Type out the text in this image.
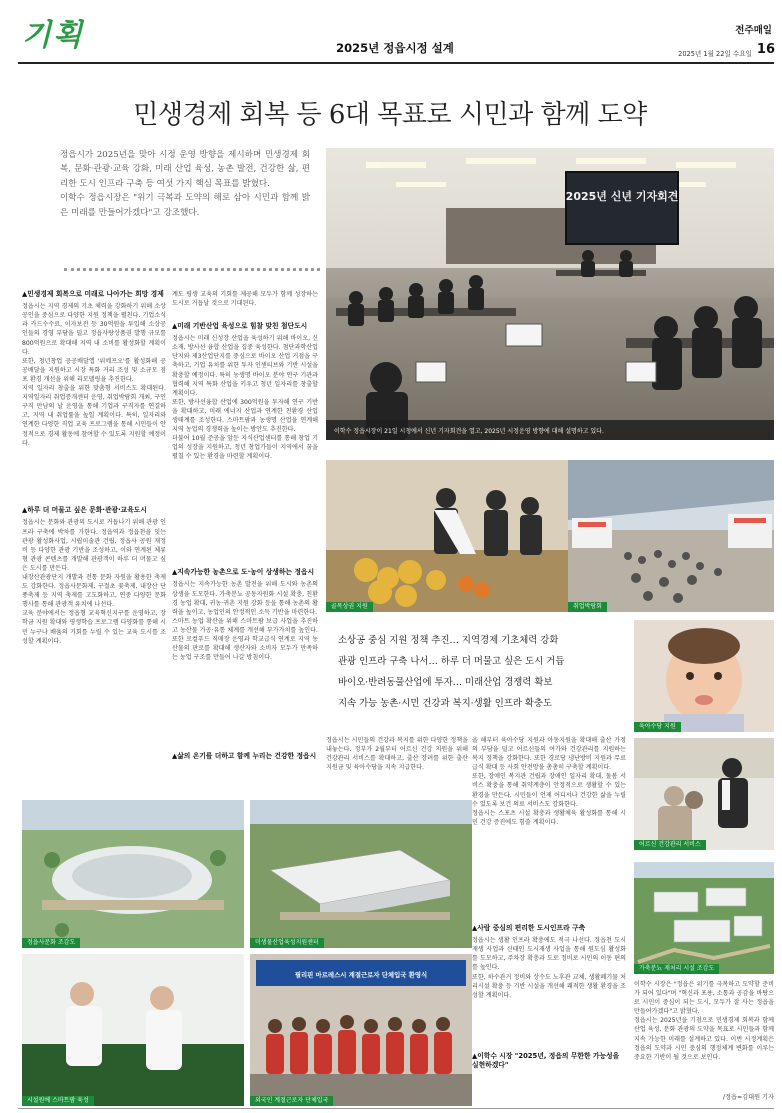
기획	2025년 정읍시정 설계
전주매일
2025년 1월 22일 수요일 16
민생경제 회복 등 6대 목표로 시민과 함께 도약
정읍시가 2025년을 맞아 시정 운영 방향을 제시하며 민생경제 회복, 문화·관광·교육 강화, 미래 산업 육성, 농촌 발전, 건강한 삶, 편리한 도시 인프라 구축 등 여섯 가지 핵심 목표를 밝혔다.
이학수 정읍시장은 "위기 극복과 도약의 해로 삼아 시민과 함께 밝은 미래를 만들어가겠다"고 강조했다.
2025년 신년 기자회견
이학수 정읍시장이 21일 시청에서 신년 기자회견을 열고, 2025년 시정운영 방향에 대해 설명하고 있다.
▲ 민생경제 회복으로 미래로 나아가는 희망 경제
정읍시는 지역 경제의 기초 체력을 강화하기 위해 소상공인을 중심으로 다양한 지원 정책을 펼친다. 기업소식과 카드수수료, 이자보전 등 30억원을 투입해 소상공인들의 경영 부담을 덜고 정읍사랑상품권 발행 규모를 800억원으로 확대해 지역 내 소비를 활성화할 계획이다.
또한, 청년창업 공공배달앱 '위메프오'를 활성화해 공공배달을 지원하고 시장 특화 거리 조성 및 소규모 점포 환경 개선을 위해 리모델링을 추진한다.
지역 일자리 창출을 위한 맞춤형 서비스도 확대된다. 지역일자리 취업증개센터 운영, 취업박람회 개최, 구인구직 만남의 날 운영을 통해 기업과 구직자를 연결하고, 지역 내 취업률을 높일 계획이다. 특히, 일자리와 연계한 다양한 직업 교육 프로그램을 통해 시민들이 안정적으로 경제 활동에 참여할 수 있도록 지원할 예정이다.
▲ 하루 더 머물고 싶은 문화·관광·교육도시
정읍시는 문화와 관광의 도시로 거듭나기 위해 관광 인프라 구축에 박차를 가한다. 정읍역과 정읍천을 잇는 관광 활성화사업, 시립미술관 건립, 정읍사 공원 재정비 등 다양한 관광 기반을 조성하고, 이와 연계된 체류형 관광 콘텐츠를 개발해 관광객이 하루 더 머물고 싶은 도시를 만든다.
내장산관광단지 개발과 전통 문화 자원을 활용한 축제도 강화한다. 정읍사문화제, 구절초 꽃축제, 내장산 단풍축제 등 지역 축제를 고도화하고, 연중 다양한 문화 행사를 통해 관광객 유치에 나선다.
교육 분야에서는 정읍형 교육혁신지구를 운영하고, 장학금 지원 확대와 평생학습 프로그램 다양화를 통해 시민 누구나 배움의 기회를 누릴 수 있는 교육 도시를 조성할 계획이다.
계도 평생 교육의 기회를 제공해 모두가 함께 성장하는 도시로 거듭날 것으로 기대된다.
▲ 미래 기반산업 육성으로 힘찰 맞친 첨단도시
정읍시는 미래 신성장 산업을 육성하기 위해 바이오, 신소재, 방사선 융합 산업을 집중 육성한다. 첨단과학산업단지와 제3산업단지를 중심으로 바이오 산업 거점을 구축하고, 기업 유치를 위한 투자 인센티브와 기반 시설을 확충할 예정이다. 특히 농생명 바이오 분야 연구 기관과 협력해 지역 특화 산업을 키우고 청년 일자리를 창출할 계획이다.
또한, 방사선융합 산업에 300억원을 투자해 연구 기반을 확대하고, 미래 에너지 산업과 연계한 친환경 산업 생태계를 조성한다. 스마트팜과 농생명 산업을 연계해 지역 농업의 경쟁력을 높이는 방안도 추진한다.
더불어 10월 준공을 앞둔 지식산업센터를 통해 창업 기업의 성장을 지원하고, 청년 창업가들이 지역에서 꿈을 펼칠 수 있는 환경을 마련할 계획이다.
▲ 지속가능한 농촌으로 도·농이 상생하는 정읍시
정읍시는 지속가능한 농촌 발전을 위해 도시와 농촌의 상생을 도모한다. 가축분뇨 공동자원화 시설 확충, 친환경 농업 확대, 귀농·귀촌 지원 강화 등을 통해 농촌의 활력을 높이고, 농업인의 안정적인 소득 기반을 마련한다.
스마트 농업 확산을 위해 스마트팜 보급 사업을 추진하고 농산물 가공·유통 체계를 개선해 부가가치를 높인다. 또한 로컬푸드 직매장 운영과 학교급식 연계로 지역 농산물의 판로를 확대해 생산자와 소비자 모두가 만족하는 농업 구조를 만들어 나갈 방침이다.
▲ 삶의 온기를 더하고 함께 누리는 건강한 정읍시
골목상권 지원	취업박람회
소상공 중심 지원 정책 추진… 지역경제 기초체력 강화
관광 인프라 구축 나서… 하루 더 머물고 싶은 도시 거듭
바이오·반려동물산업에 투자… 미래산업 경쟁력 확보
지속 가능 농촌·시민 건강과 복지·생활 인프라 확충도
육아수당 지원
어르신 건강관리 서비스
가축분뇨 재처리 시설 조감도
정읍시는 시민들의 건강과 복지를 위한 다양한 정책을 내놓는다. 정부가 2월부터 어르신 건강 지원을 위해 건강관리 서비스를 확대하고, 출산 장려를 위한 출산 지원금 및 육아수당을 지속 지급한다.
올 해부터 육아수당 지원과 아동지원을 확대해 출산 가정의 부담을 덜고 어르신들의 여가와 건강관리를 지원하는 복지 정책을 강화한다. 또한 경로당 냉난방비 지원과 무료 급식 확대 등 사회 안전망을 촘촘히 구축할 계획이다.
또한, 장애인 복지관 건립과 장애인 일자리 확대, 돌봄 서비스 확충을 통해 취약계층이 안정적으로 생활할 수 있는 환경을 만든다. 시민들이 언제 어디서나 건강한 삶을 누릴 수 있도록 보건 의료 서비스도 강화한다.
정읍시는 스포츠 시설 확충과 생활체육 활성화를 통해 시민 건강 증진에도 힘쓸 계획이다.
▲ 사람 중심의 편리한 도시인프라 구축
정읍시는 생활 인프라 확충에도 적극 나선다. 정읍천 도시재생 사업과 신태인 도시재생 사업을 통해 원도심 활성화를 도모하고, 주차장 확충과 도로 정비로 시민의 이동 편의를 높인다.
또한, 하수관거 정비와 상수도 노후관 교체, 생활폐기물 처리시설 확충 등 기반 시설을 개선해 쾌적한 생활 환경을 조성할 계획이다.
▲ 이학수 시장 "2025년, 정읍의 무한한 가능성을 실현하겠다"
이학수 시장은 "정읍은 위기를 극복하고 도약할 준비가 되어 있다"며 "혁신과 포용, 소통과 공감을 바탕으로 시민이 중심이 되는 도시, 모두가 잘 사는 정읍을 만들어가겠다"고 밝혔다.
정읍시는 2025년을 기점으로 민생경제 회복과 함께 산업 육성, 문화 관광의 도약을 목표로 시민들과 함께 지속 가능한 미래를 설계하고 있다. 이번 시정계획은 정읍의 도약과 시민 중심의 행정체계 변화를 이루는 중요한 기반이 될 것으로 보인다.
/정읍=김대원 기자
정읍사문화 조감도	미생물산업육성지원센터
시설원예 스마트팜 육성
필리핀 마르레스시 계절근로자 단체입국 환영식
외국인 계절근로자 단체입국
